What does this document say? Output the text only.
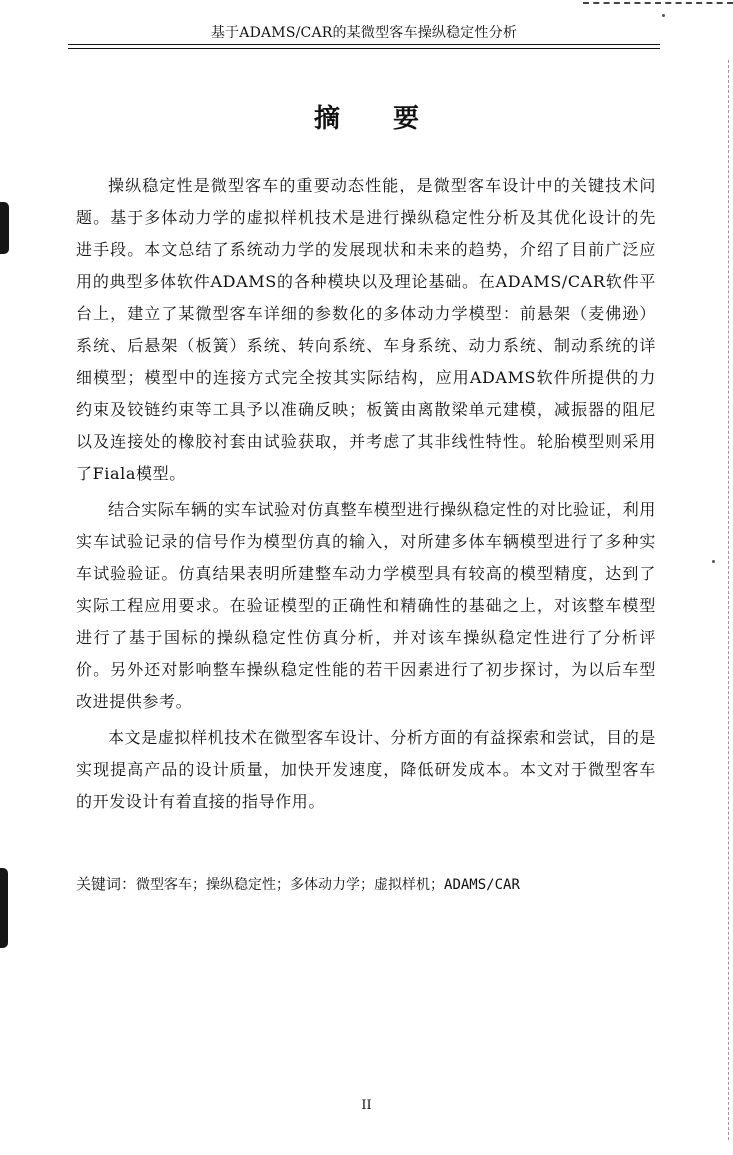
基于ADAMS/CAR的某微型客车操纵稳定性分析
摘 要

操纵稳定性是微型客车的重要动态性能，是微型客车设计中的关键技术问题。基于多体动力学的虚拟样机技术是进行操纵稳定性分析及其优化设计的先进手段。本文总结了系统动力学的发展现状和未来的趋势，介绍了目前广泛应用的典型多体软件ADAMS的各种模块以及理论基础。在ADAMS/CAR软件平台上，建立了某微型客车详细的参数化的多体动力学模型：前悬架（麦佛逊）系统、后悬架（板簧）系统、转向系统、车身系统、动力系统、制动系统的详细模型；模型中的连接方式完全按其实际结构，应用ADAMS软件所提供的力约束及铰链约束等工具予以准确反映；板簧由离散梁单元建模，减振器的阻尼以及连接处的橡胶衬套由试验获取，并考虑了其非线性特性。轮胎模型则采用了Fiala模型。

结合实际车辆的实车试验对仿真整车模型进行操纵稳定性的对比验证，利用实车试验记录的信号作为模型仿真的输入，对所建多体车辆模型进行了多种实车试验验证。仿真结果表明所建整车动力学模型具有较高的模型精度，达到了实际工程应用要求。在验证模型的正确性和精确性的基础之上，对该整车模型进行了基于国标的操纵稳定性仿真分析，并对该车操纵稳定性进行了分析评价。另外还对影响整车操纵稳定性能的若干因素进行了初步探讨，为以后车型改进提供参考。

本文是虚拟样机技术在微型客车设计、分析方面的有益探索和尝试，目的是实现提高产品的设计质量，加快开发速度，降低研发成本。本文对于微型客车的开发设计有着直接的指导作用。

关键词：微型客车；操纵稳定性；多体动力学；虚拟样机；ADAMS/CAR
II
